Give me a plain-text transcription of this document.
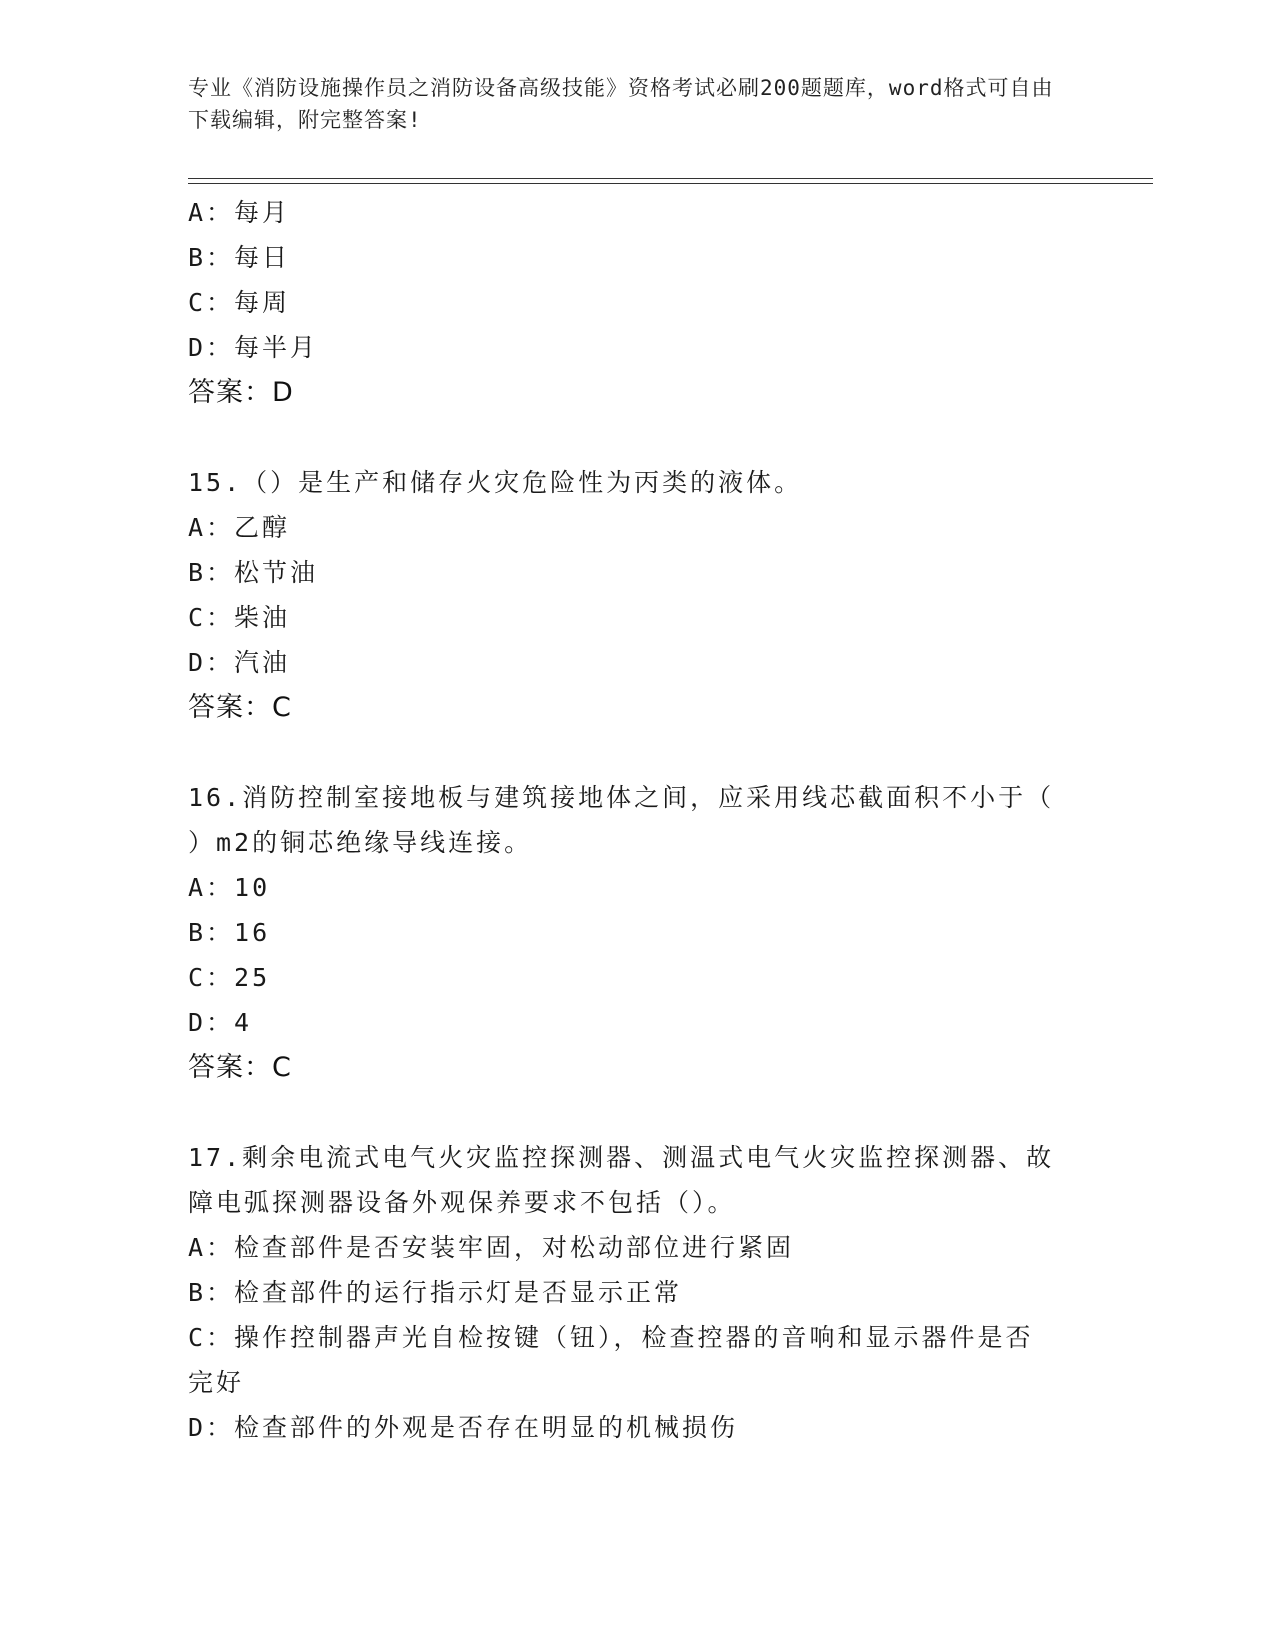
专业《消防设施操作员之消防设备高级技能》资格考试必刷200题题库，word格式可自由下载编辑，附完整答案!
A：每月
B：每日
C：每周
D：每半月
答案：D
15.（）是生产和储存火灾危险性为丙类的液体。
A：乙醇
B：松节油
C：柴油
D：汽油
答案：C
16.消防控制室接地板与建筑接地体之间，应采用线芯截面积不小于（
）m2的铜芯绝缘导线连接。
A：10
B：16
C：25
D：4
答案：C
17.剩余电流式电气火灾监控探测器、测温式电气火灾监控探测器、故
障电弧探测器设备外观保养要求不包括（）。
A：检查部件是否安装牢固，对松动部位进行紧固
B：检查部件的运行指示灯是否显示正常
C：操作控制器声光自检按键（钮），检查控器的音响和显示器件是否
完好
D：检查部件的外观是否存在明显的机械损伤
